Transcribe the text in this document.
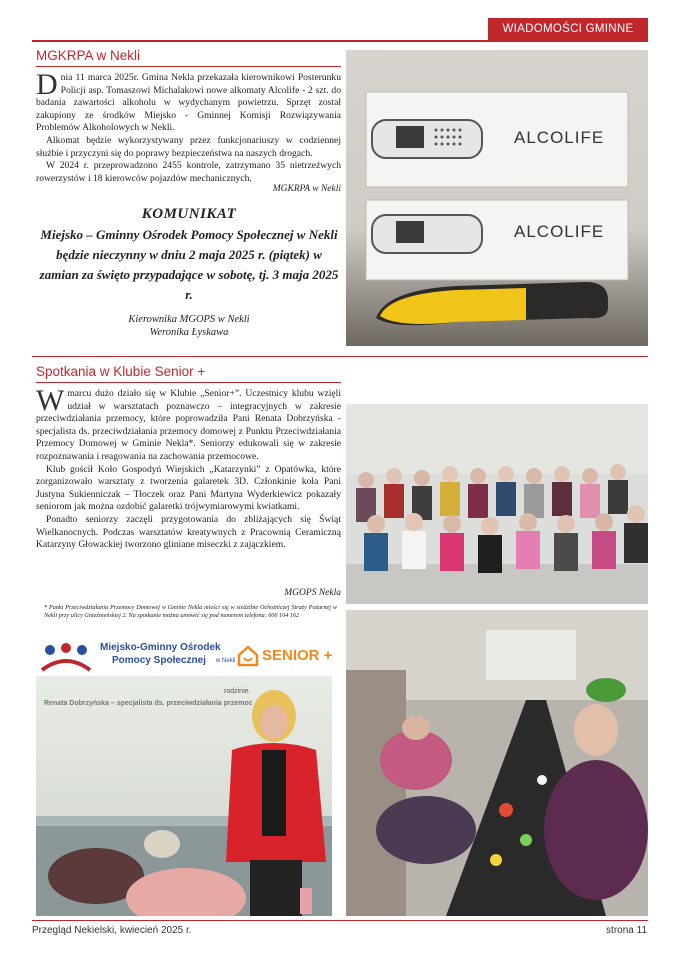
WIADOMOŚCI GMINNE
MGKRPA w Nekli

Dnia 11 marca 2025r. Gmina Nekla przekazała kierownikowi Posterunku Policji asp. Tomaszowi Michalakowi nowe alkomaty Alcolife - 2 szt. do badania zawartości alkoholu w wydychanym powietrzu. Sprzęt został zakupiony ze środków Miejsko - Gminnej Komisji Rozwiązywania Problemów Alkoholowych w Nekli.

Alkomat będzie wykorzystywany przez funkcjonariuszy w codziennej służbie i przyczyni się do poprawy bezpieczeństwa na naszych drogach.

W 2024 r. przeprowadzono 2455 kontrole, zatrzymano 35 nietrzeźwych rowerzystów i 18 kierowców pojazdów mechanicznych.

MGKRPA w Nekli
KOMUNIKAT
Miejsko – Gminny Ośrodek Pomocy Społecznej w Nekli będzie nieczynny w dniu 2 maja 2025 r. (piątek) w zamian za święto przypadające w sobotę, tj. 3 maja 2025 r.
Kierownika MGOPS w Nekli
Weronika Łyskawa
ALCOLIFE
ALCOLIFE
Spotkania w Klubie Senior +

Wmarcu dużo działo się w Klubie „Senior+”. Uczestnicy klubu wzięli udział w warsztatach poznawczo – integracyjnych w zakresie przeciwdziałania przemocy, które poprowadziła Pani Renata Dobrzyńska - specjalista ds. przeciwdziałania przemocy domowej z Punktu Przeciwdziałania Przemocy Domowej w Gminie Nekla*. Seniorzy edukowali się w zakresie rozpoznawania i reagowania na zachowania przemocowe.

Klub gościł Koło Gospodyń Wiejskich „Katarzynki” z Opatówka, które zorganizowało warsztaty z tworzenia galaretek 3D. Członkinie koła Pani Justyna Sukienniczak – Tłoczek oraz Pani Martyna Wyderkiewicz pokazały seniorom jak można ozdobić galaretki trójwymiarowymi kwiatkami.

Ponadto seniorzy zaczęli przygotowania do zbliżających się Świąt Wielkanocnych. Podczas warsztatów kreatywnych z Pracownią Ceramiczną Katarzyny Głowackiej tworzono gliniane miseczki z zajączkiem.

MGOPS Nekla
* Punkt Przeciwdziałania Przemocy Domowej w Gminie Nekla mieści się w siedzibie Ochotniczej Straży Pożarnej w Nekli przy ulicy Gnieźnieńskiej 2. Na spotkanie można umówić się pod numerem telefonu: 606 104 162
Miejsko-Gminny Ośrodek
Pomocy Społecznej w Nekli SENIOR +
rodzinie.
Renata Dobrzyńska – specjalista ds. przeciwdziałania przemoc
Przegląd Nekielski, kwiecień 2025 r.	strona 11
